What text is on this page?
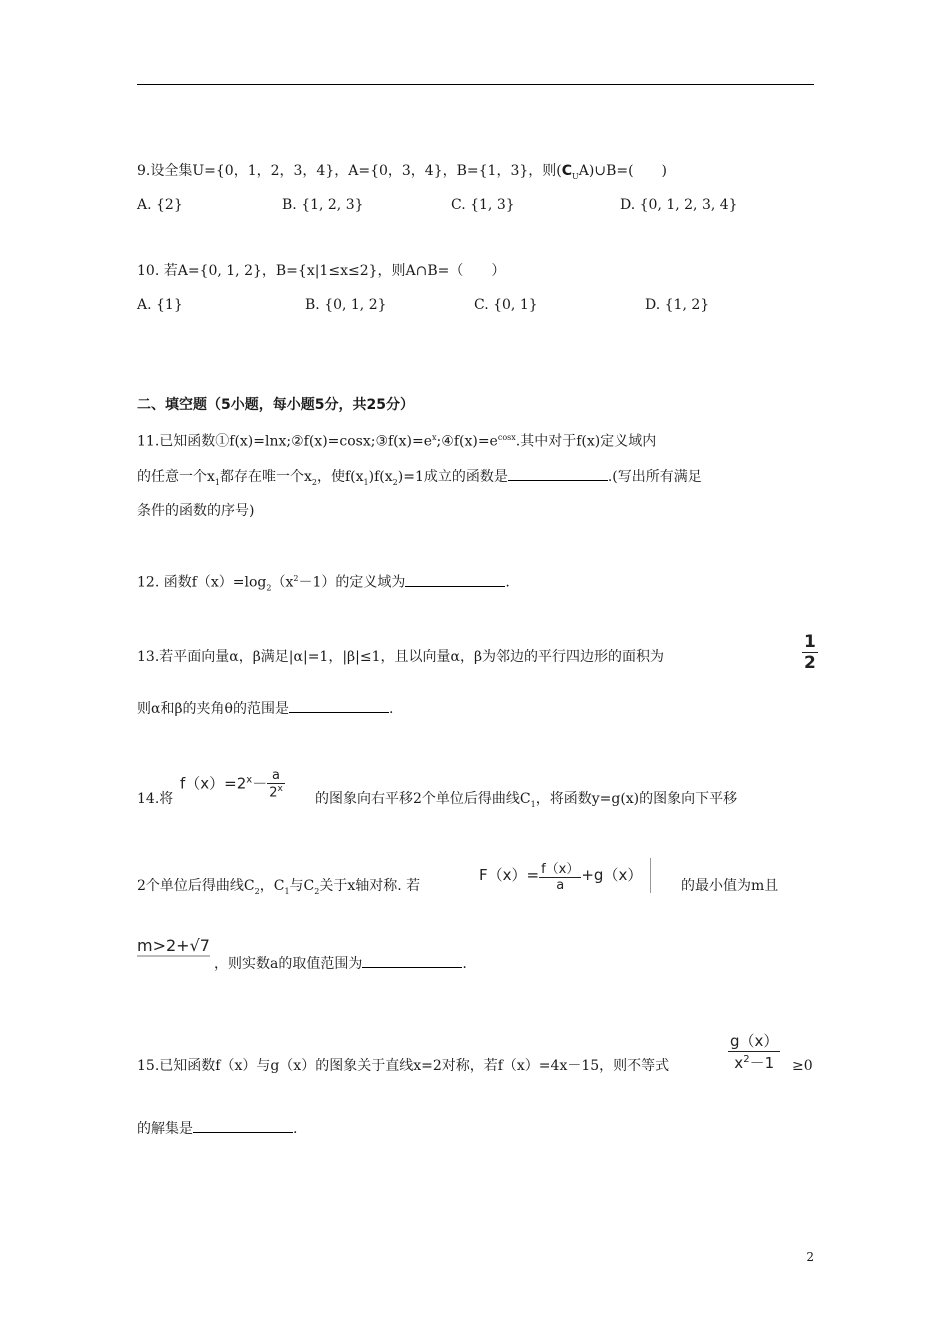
9.设全集U={0，1，2，3，4}，A={0，3，4}，B={1，3}，则$(C_UA)\cup B=$(　　)
A. {2}	B. {1, 2, 3}	C. {1, 3}	D. {0, 1, 2, 3, 4}
10. 若A={0, 1, 2}，B={x|1≤x≤2}，则A∩B=（　　）
A. {1}	B. {0, 1, 2}	C. {0, 1}	D. {1, 2}
二、填空题（5小题，每小题5分，共25分）
11.已知函数$①f(x)=\ln x;②f(x)=\cos x;③f(x)=e^x;④f(x)=e^{cosx}$.其中对于f(x)定义域内
的任意一个$x_1$都存在唯一个$x_2$，使$f(x_1)f(x_2)=1$成立的函数是	.(写出所有满足
条件的函数的序号)
12. 函数$f(x)=\log_2(x^2-1)$的定义域为	.
13.若平面向量α，β满足|α|=1，|β|≤1，且以向量α，β为邻边的平行四边形的面积为	$\frac{1}{2}$
则α和β的夹角θ的范围是	.
14.将
$f(x)=2^x- \frac{a}{2^x}$ 的图象向右平移2个单位后得曲线$C_1$，将函数y=g(x)的图象向下平移
2个单位后得曲线$C_2$，$C_1$与$C_2$关于x轴对称. 若
$F(x)= \frac{f(x)}{a} +g(x)$
的最小值为m且
m>2+√7
，则实数a的取值范围为	.
15.已知函数f（x）与g（x）的图象关于直线x=2对称，若f（x）=4x－15，则不等式	$\frac{g(x)}{x^2-1} \ge 0$
的解集是	.
2
